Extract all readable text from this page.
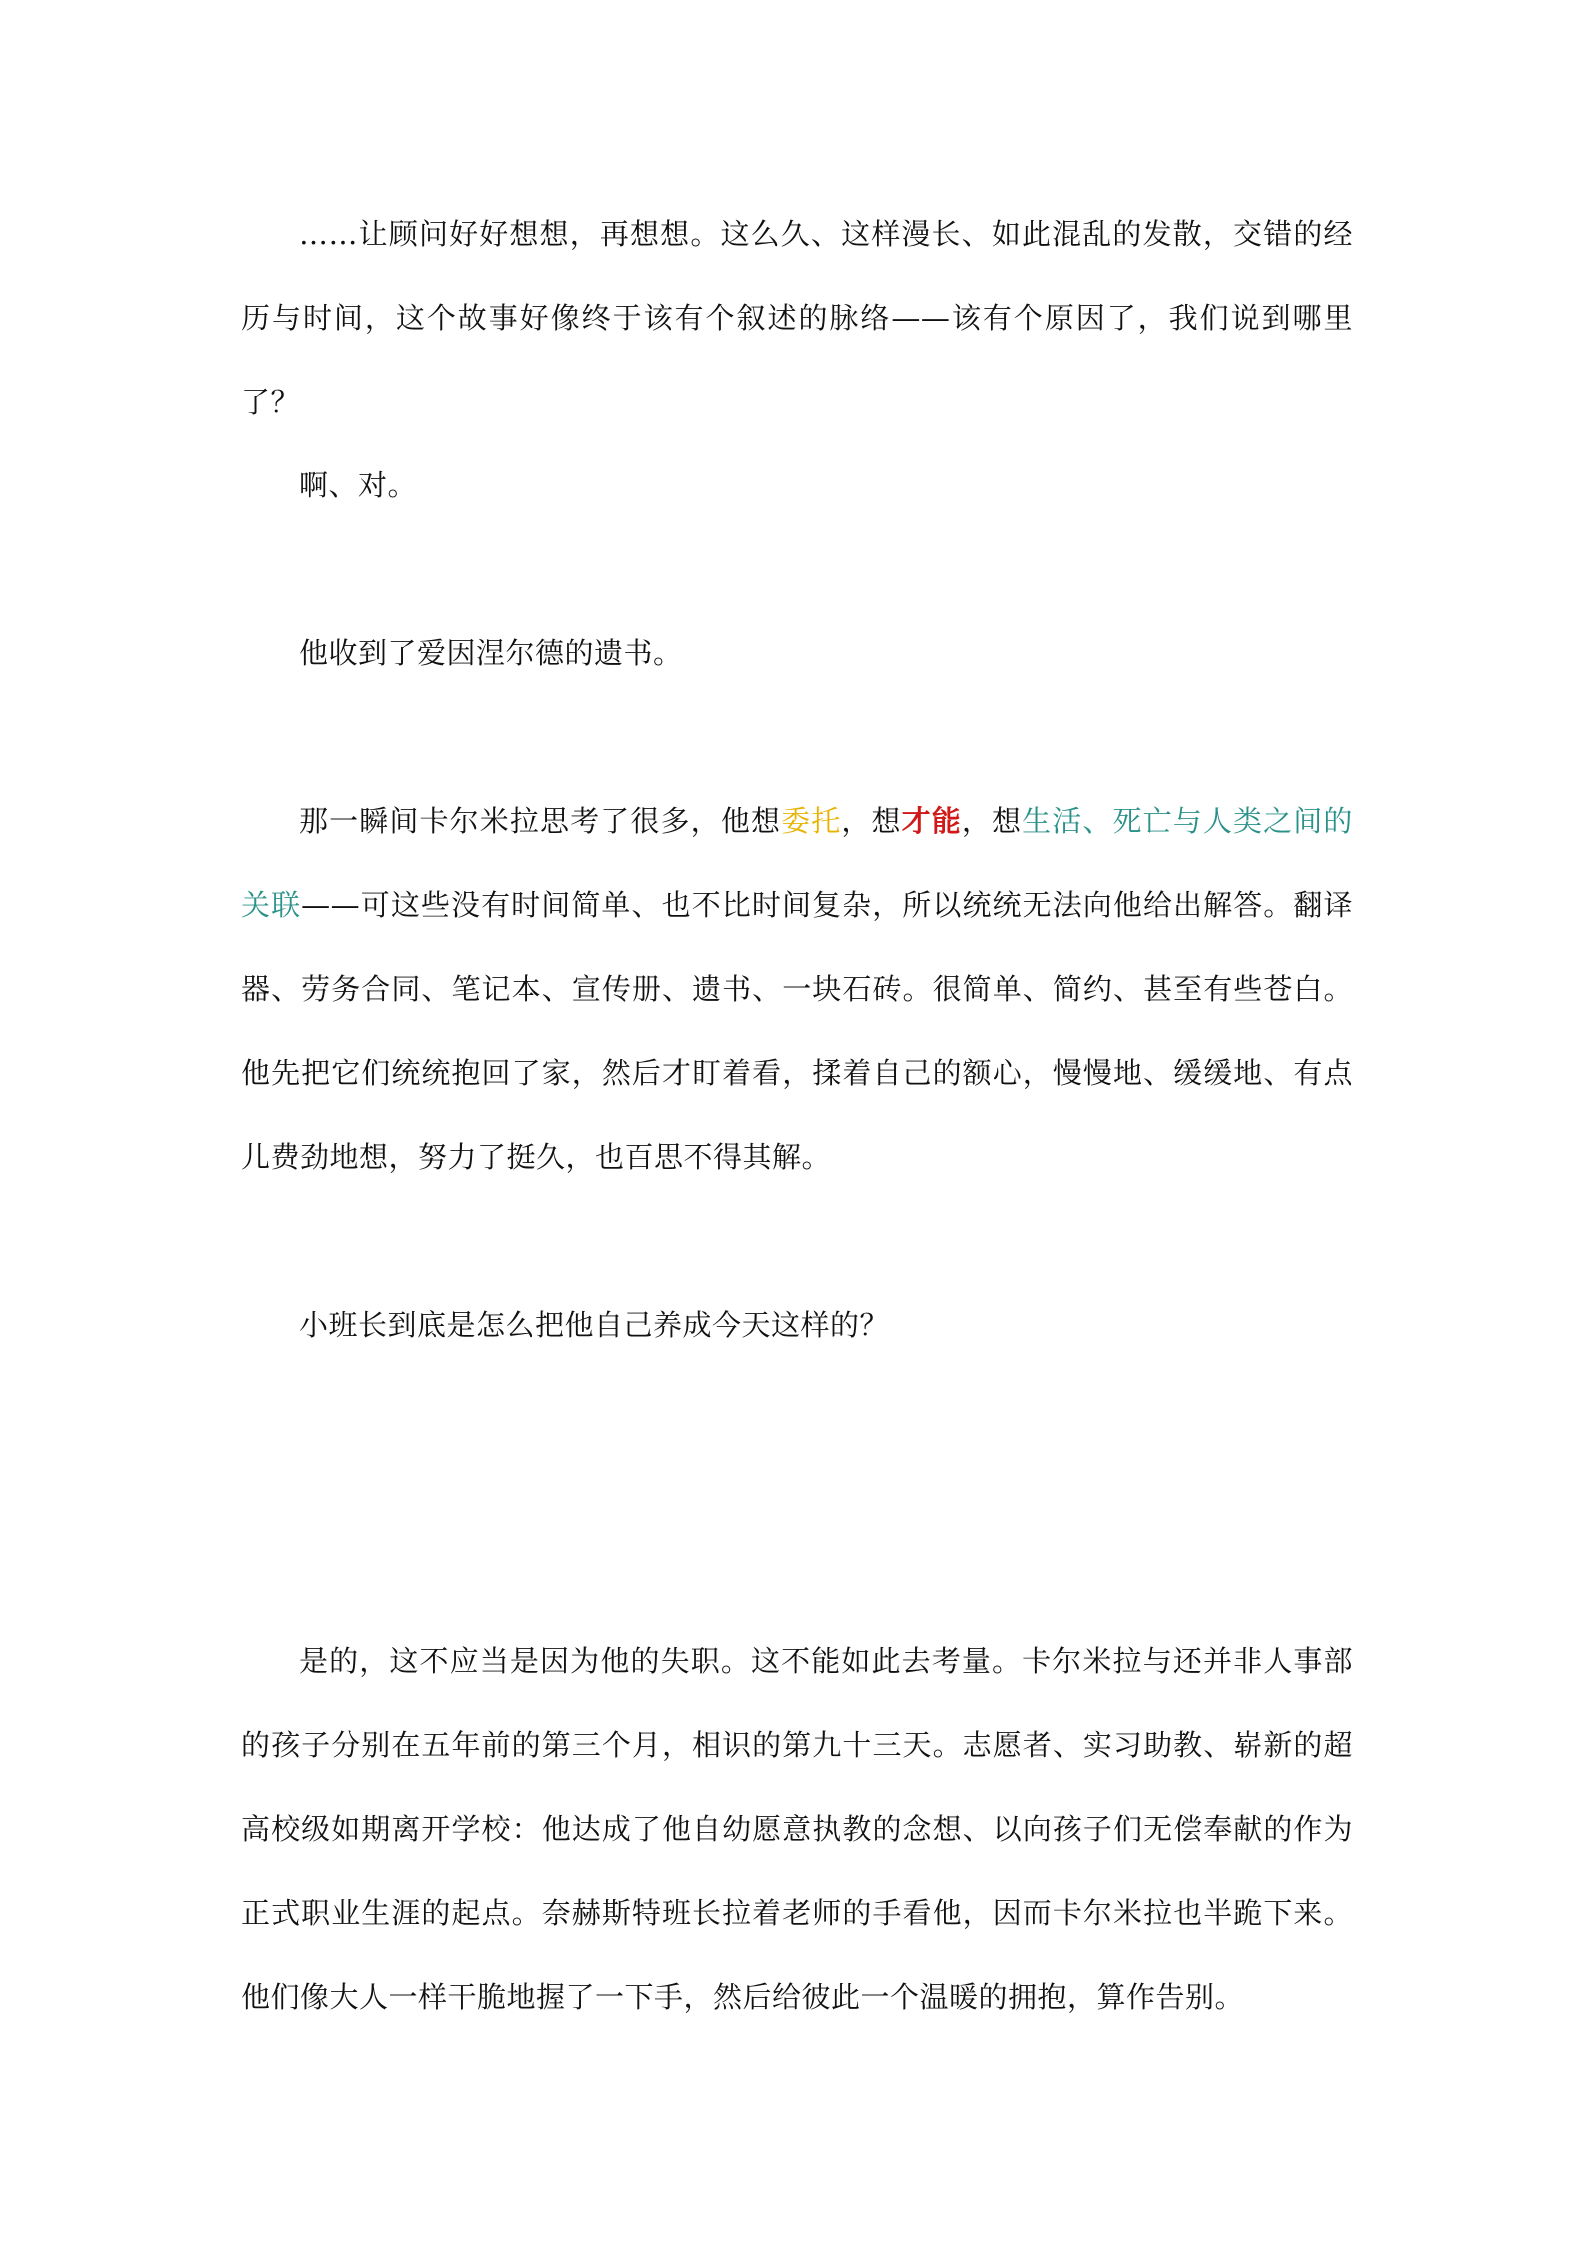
……让顾问好好想想，再想想。这么久、这样漫长、如此混乱的发散，交错的经历与时间，这个故事好像终于该有个叙述的脉络——该有个原因了，我们说到哪里了？

啊、对。

他收到了爱因涅尔德的遗书。

那一瞬间卡尔米拉思考了很多，他想委托，想才能，想生活、死亡与人类之间的关联——可这些没有时间简单、也不比时间复杂，所以统统无法向他给出解答。翻译器、劳务合同、笔记本、宣传册、遗书、一块石砖。很简单、简约、甚至有些苍白。他先把它们统统抱回了家，然后才盯着看，揉着自己的额心，慢慢地、缓缓地、有点儿费劲地想，努力了挺久，也百思不得其解。

小班长到底是怎么把他自己养成今天这样的？

是的，这不应当是因为他的失职。这不能如此去考量。卡尔米拉与还并非人事部的孩子分别在五年前的第三个月，相识的第九十三天。志愿者、实习助教、崭新的超高校级如期离开学校：他达成了他自幼愿意执教的念想、以向孩子们无偿奉献的作为正式职业生涯的起点。奈赫斯特班长拉着老师的手看他，因而卡尔米拉也半跪下来。他们像大人一样干脆地握了一下手，然后给彼此一个温暖的拥抱，算作告别。
